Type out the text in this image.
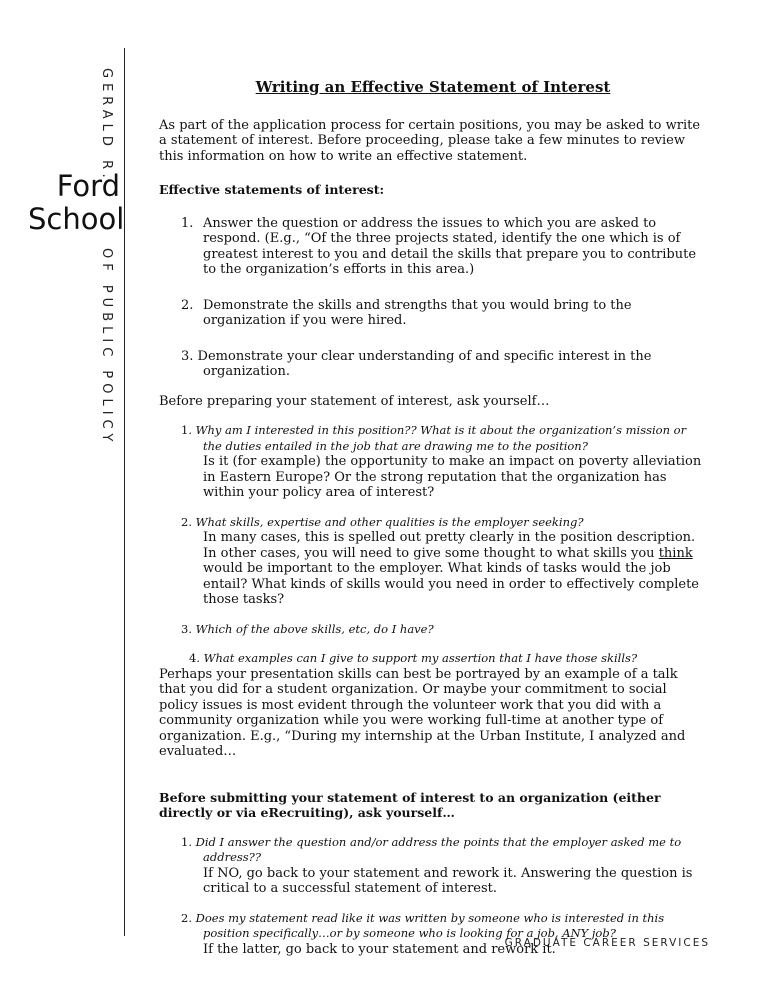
GERALD R.
Ford
School
OF PUBLIC POLICY
Writing an Effective Statement of Interest

As part of the application process for certain positions, you may be asked to write a statement of interest. Before proceeding, please take a few minutes to review this information on how to write an effective statement.

Effective statements of interest:

1. Answer the question or address the issues to which you are asked to respond. (E.g., “Of the three projects stated, identify the one which is of greatest interest to you and detail the skills that prepare you to contribute to the organization’s efforts in this area.)
2. Demonstrate the skills and strengths that you would bring to the organization if you were hired.
3. Demonstrate your clear understanding of and specific interest in the organization.

Before preparing your statement of interest, ask yourself…

1. Why am I interested in this position?? What is it about the organization’s mission or
the duties entailed in the job that are drawing me to the position?

Is it (for example) the opportunity to make an impact on poverty alleviation in Eastern Europe? Or the strong reputation that the organization has within your policy area of interest?

2. What skills, expertise and other qualities is the employer seeking?

In many cases, this is spelled out pretty clearly in the position description. In other cases, you will need to give some thought to what skills you think would be important to the employer. What kinds of tasks would the job entail? What kinds of skills would you need in order to effectively complete those tasks?

3. Which of the above skills, etc, do I have?
4. What examples can I give to support my assertion that I have those skills?

Perhaps your presentation skills can best be portrayed by an example of a talk that you did for a student organization. Or maybe your commitment to social policy issues is most evident through the volunteer work that you did with a community organization while you were working full-time at another type of organization. E.g., “During my internship at the Urban Institute, I analyzed and evaluated…

Before submitting your statement of interest to an organization (either directly or via eRecruiting), ask yourself…

1. Did I answer the question and/or address the points that the employer asked me to
address??

If NO, go back to your statement and rework it. Answering the question is critical to a successful statement of interest.

2. Does my statement read like it was written by someone who is interested in this
position specifically…or by someone who is looking for a job, ANY job?

If the latter, go back to your statement and rework it.

GRADUATE CAREER SERVICES
